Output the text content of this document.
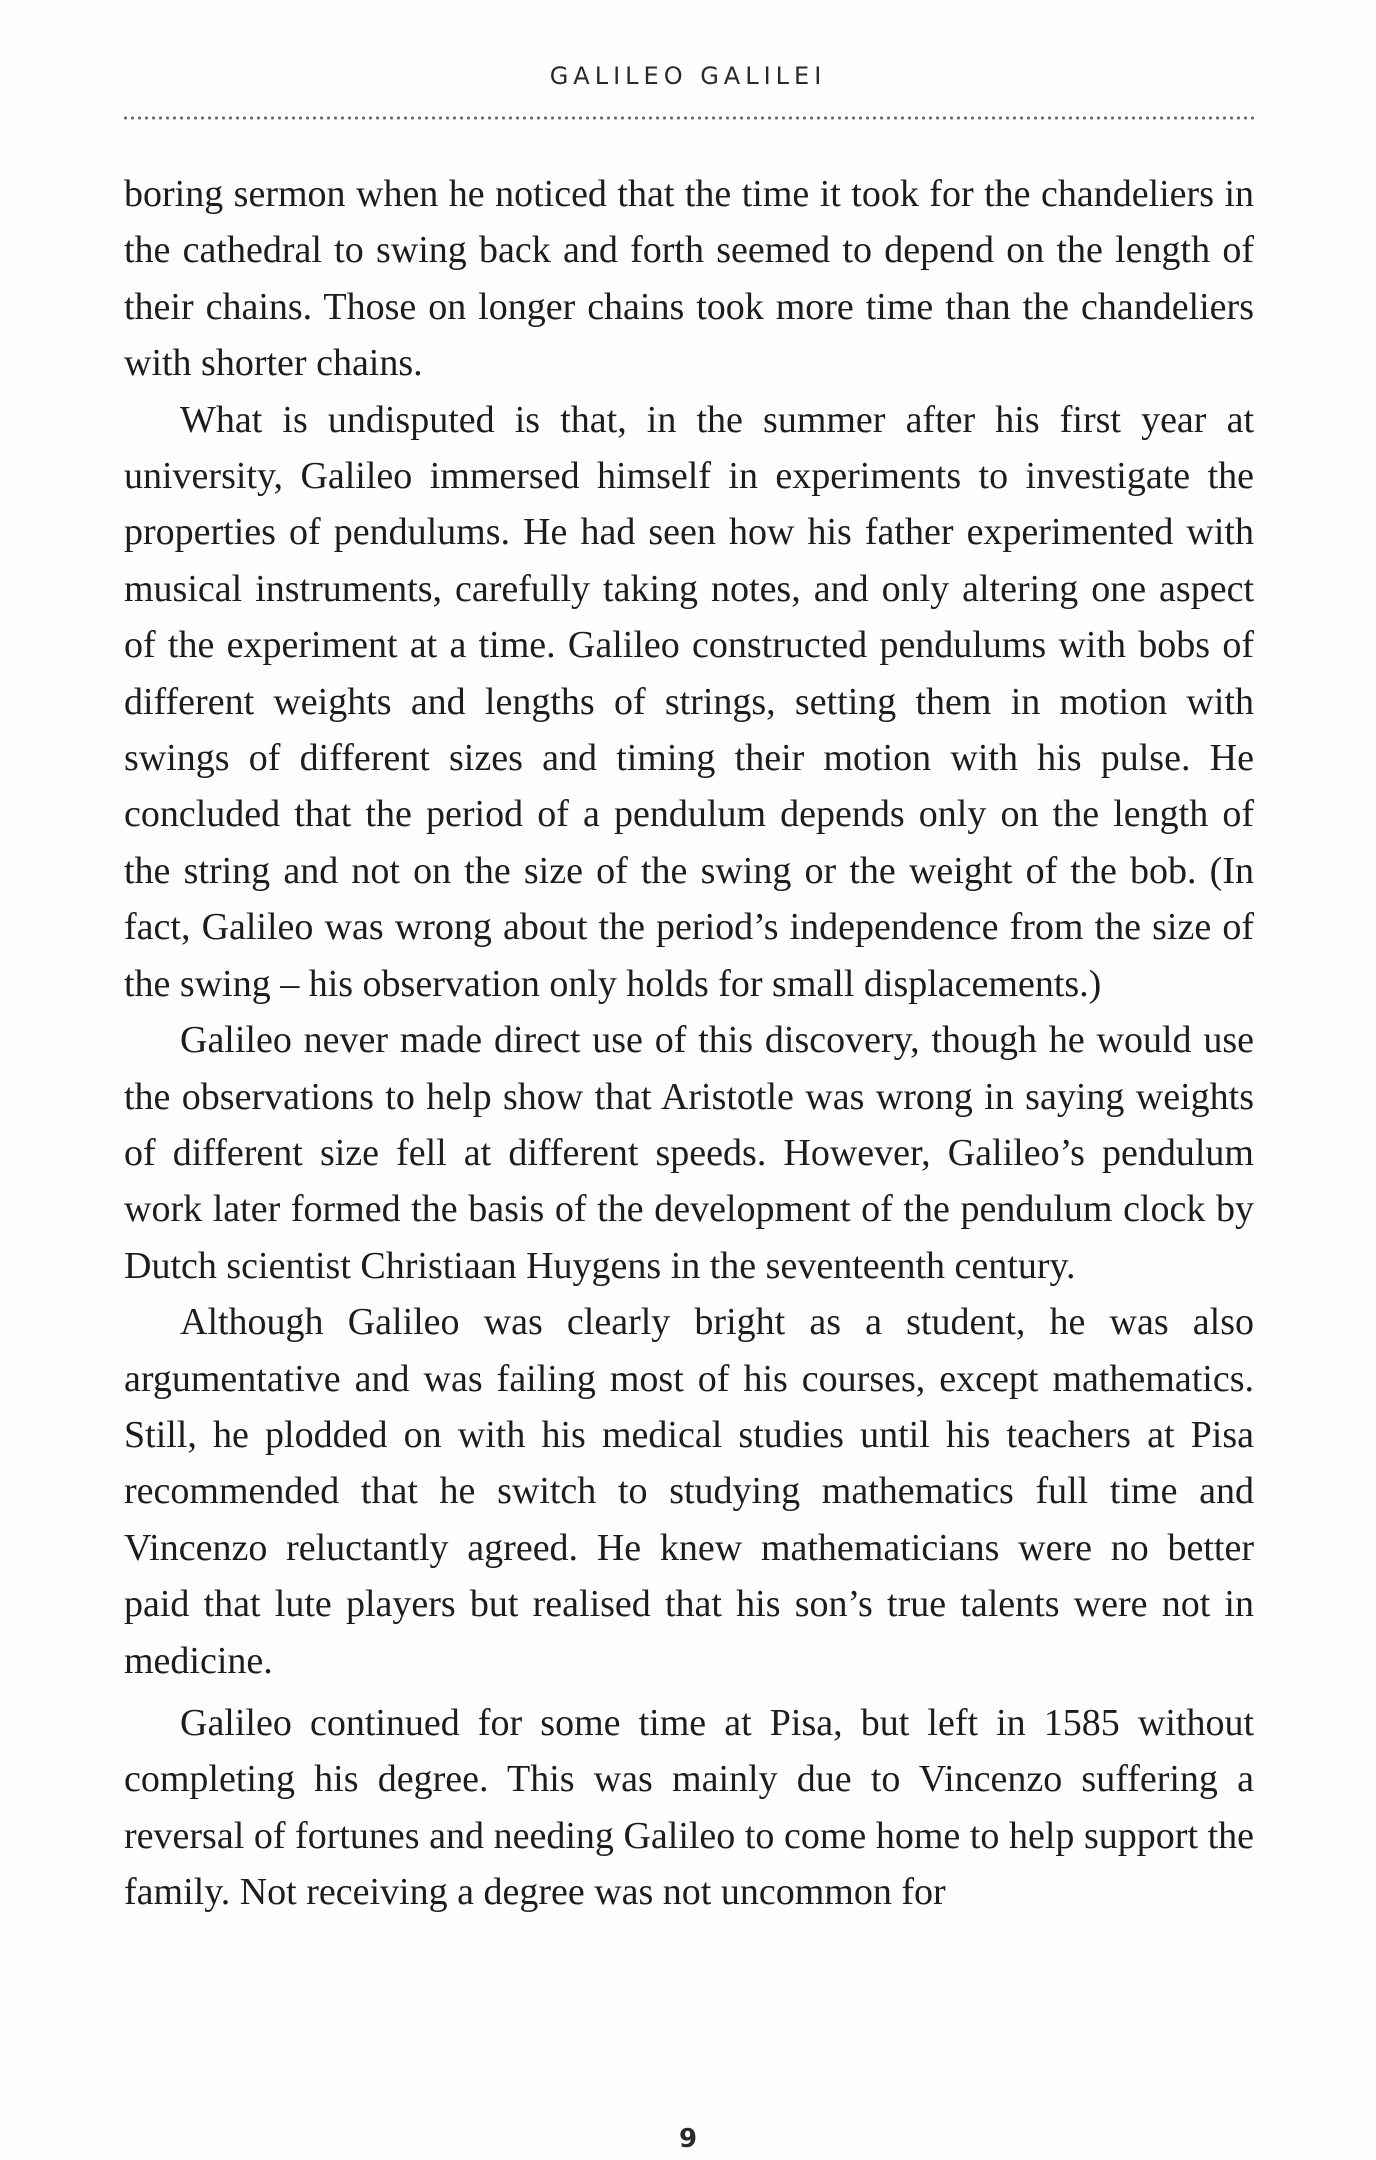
GALILEO GALILEI

boring sermon when he noticed that the time it took for the chandeliers in the cathedral to swing back and forth seemed to depend on the length of their chains. Those on longer chains took more time than the chandeliers with shorter chains.

What is undisputed is that, in the summer after his first year at university, Galileo immersed himself in experiments to investigate the properties of pendulums. He had seen how his father experimented with musical instruments, carefully taking notes, and only altering one aspect of the experiment at a time. Galileo constructed pendulums with bobs of different weights and lengths of strings, setting them in motion with swings of different sizes and timing their motion with his pulse. He concluded that the period of a pendulum depends only on the length of the string and not on the size of the swing or the weight of the bob. (In fact, Galileo was wrong about the period’s independence from the size of the swing – his observation only holds for small displacements.)

Galileo never made direct use of this discovery, though he would use the observations to help show that Aristotle was wrong in saying weights of different size fell at different speeds. However, Galileo’s pendulum work later formed the basis of the development of the pendulum clock by Dutch scientist Christiaan Huygens in the seventeenth century.

Although Galileo was clearly bright as a student, he was also argumentative and was failing most of his courses, except mathematics. Still, he plodded on with his medical studies until his teachers at Pisa recommended that he switch to studying mathematics full time and Vincenzo reluctantly agreed. He knew mathematicians were no better paid that lute players but realised that his son’s true talents were not in medicine.

Galileo continued for some time at Pisa, but left in 1585 without completing his degree. This was mainly due to Vincenzo suffering a reversal of fortunes and needing Galileo to come home to help support the family. Not receiving a degree was not uncommon for

9
